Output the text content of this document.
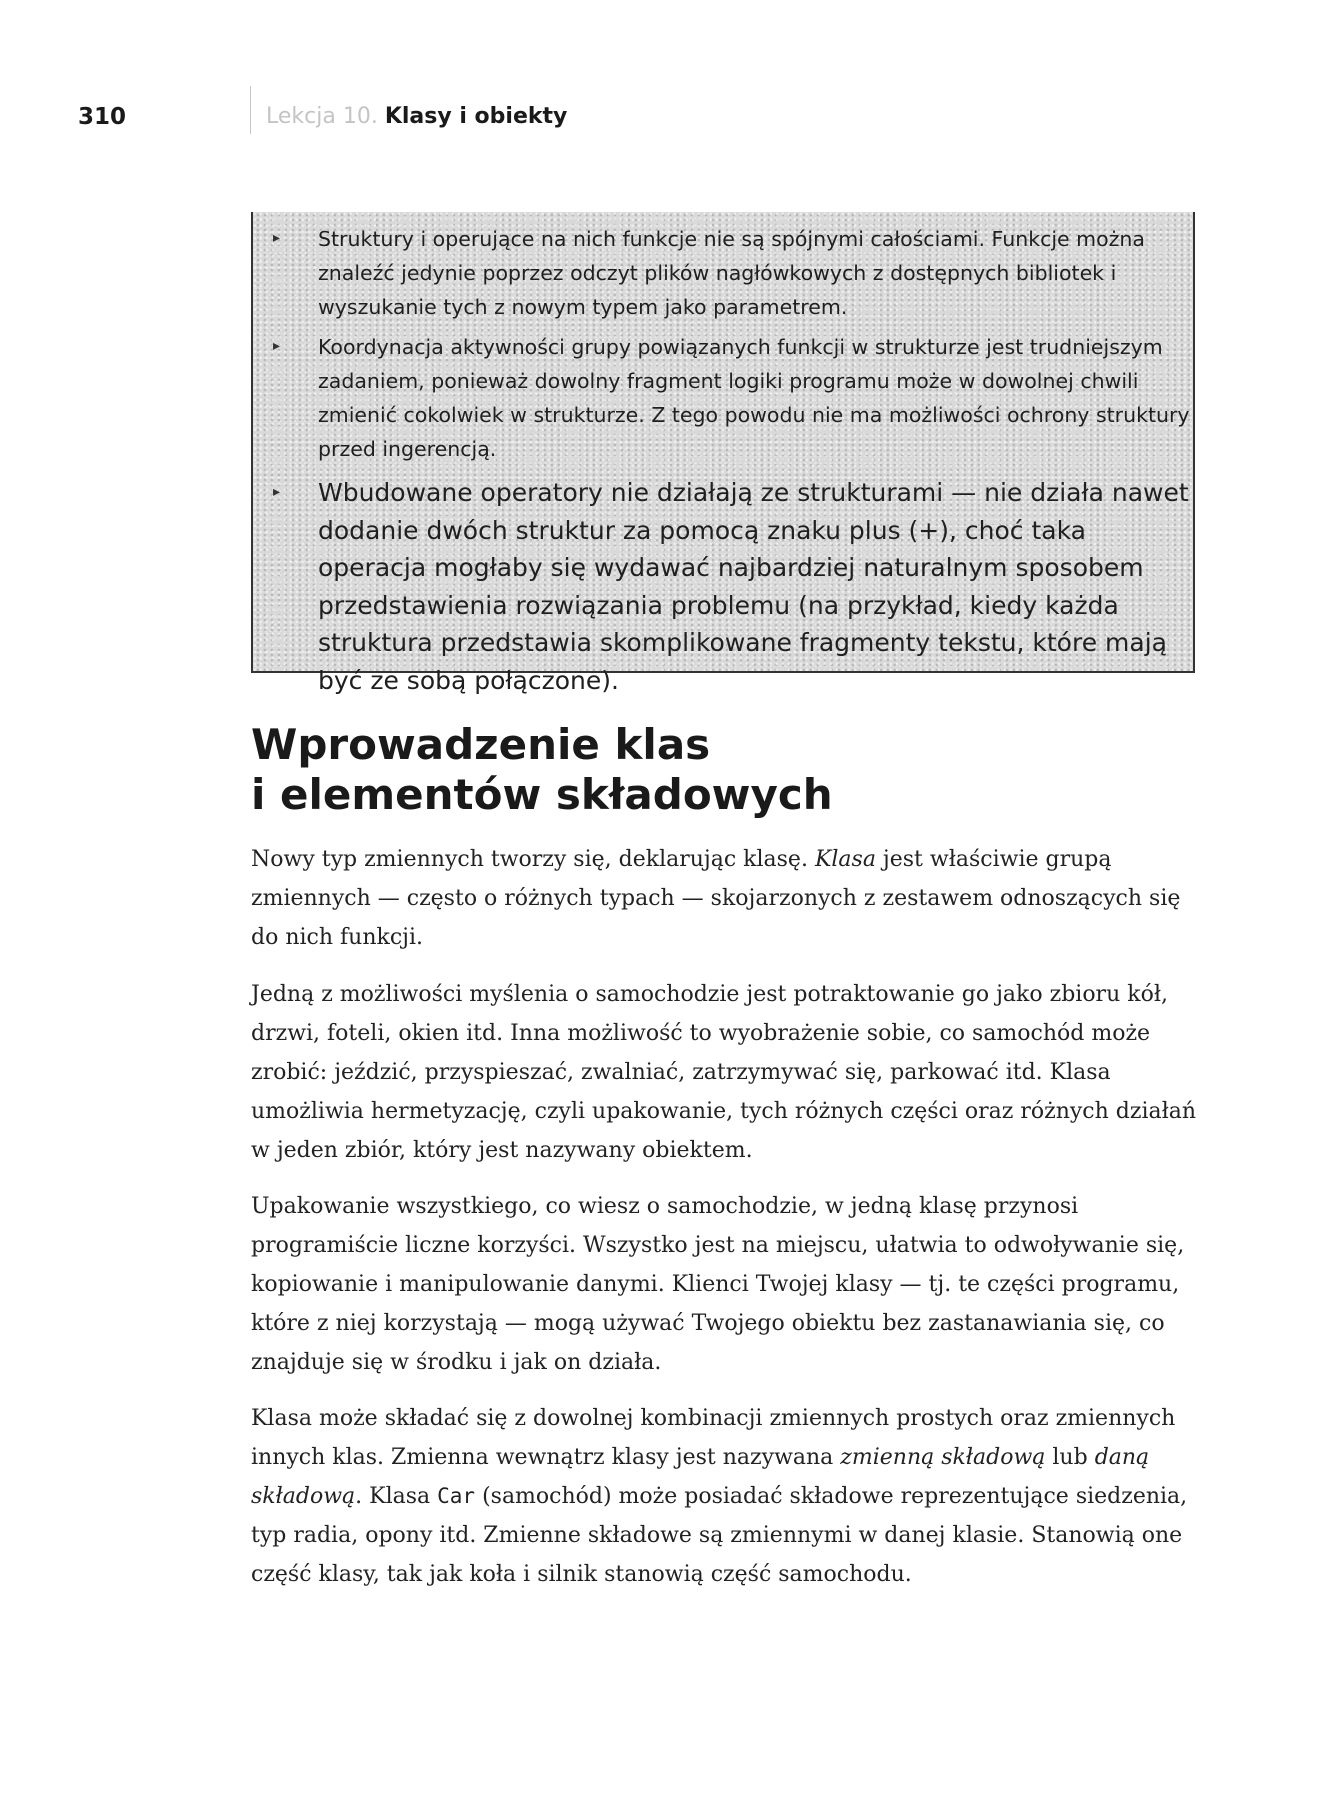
310	Lekcja 10. Klasy i obiekty
▸ Struktury i operujące na nich funkcje nie są spójnymi całościami. Funkcje można znaleźć jedynie poprzez odczyt plików nagłówkowych z dostępnych bibliotek i wyszukanie tych z nowym typem jako parametrem.

▸ Koordynacja aktywności grupy powiązanych funkcji w strukturze jest trudniejszym zadaniem, ponieważ dowolny fragment logiki programu może w dowolnej chwili zmienić cokolwiek w strukturze. Z tego powodu nie ma możliwości ochrony struktury przed ingerencją.

▸ Wbudowane operatory nie działają ze strukturami — nie działa nawet dodanie dwóch struktur za pomocą znaku plus (+), choć taka operacja mogłaby się wydawać najbardziej naturalnym sposobem przedstawienia rozwiązania problemu (na przykład, kiedy każda struktura przedstawia skomplikowane fragmenty tekstu, które mają być ze sobą połączone).

Wprowadzenie klas
i elementów składowych

Nowy typ zmiennych tworzy się, deklarując klasę. Klasa jest właściwie grupą zmiennych — często o różnych typach — skojarzonych z zestawem odnoszących się do nich funkcji.

Jedną z możliwości myślenia o samochodzie jest potraktowanie go jako zbioru kół, drzwi, foteli, okien itd. Inna możliwość to wyobrażenie sobie, co samochód może zrobić: jeździć, przyspieszać, zwalniać, zatrzymywać się, parkować itd. Klasa umożliwia hermetyzację, czyli upakowanie, tych różnych części oraz różnych działań w jeden zbiór, który jest nazywany obiektem.

Upakowanie wszystkiego, co wiesz o samochodzie, w jedną klasę przynosi programiście liczne korzyści. Wszystko jest na miejscu, ułatwia to odwoływanie się, kopiowanie i manipulowanie danymi. Klienci Twojej klasy — tj. te części programu, które z niej korzystają — mogą używać Twojego obiektu bez zastanawiania się, co znajduje się w środku i jak on działa.

Klasa może składać się z dowolnej kombinacji zmiennych prostych oraz zmiennych innych klas. Zmienna wewnątrz klasy jest nazywana zmienną składową lub daną składową. Klasa Car (samochód) może posiadać składowe reprezentujące siedzenia, typ radia, opony itd. Zmienne składowe są zmiennymi w danej klasie. Stanowią one część klasy, tak jak koła i silnik stanowią część samochodu.
